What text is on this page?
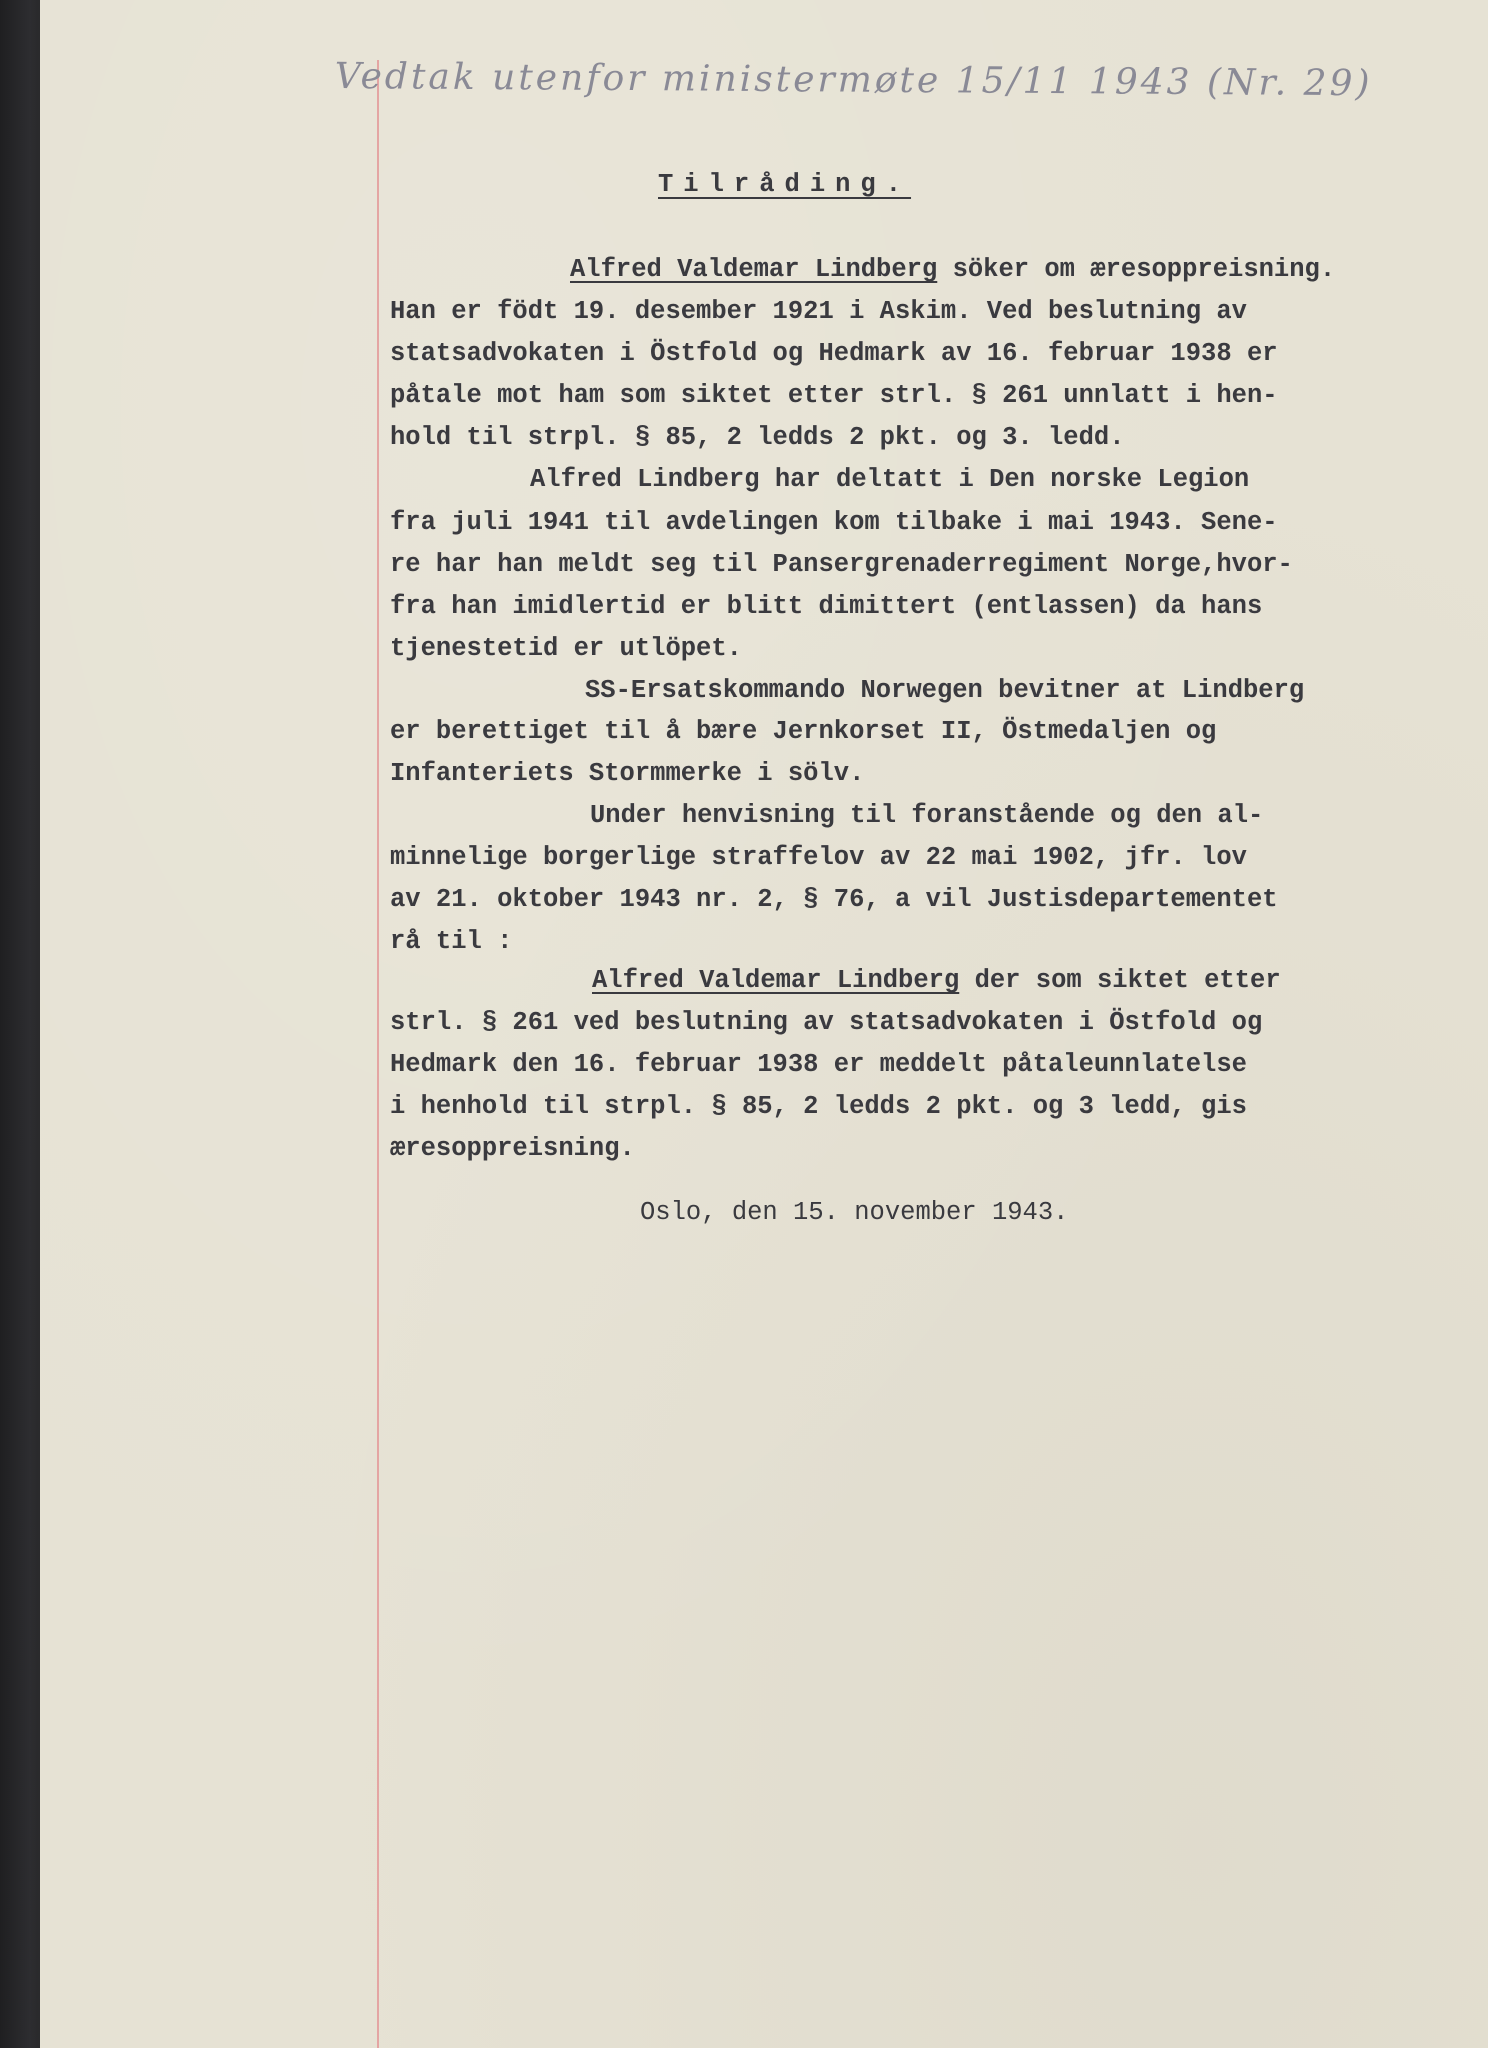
Vedtak utenfor ministermøte 15/11 1943 (Nr. 29)
Tilråding.
Alfred Valdemar Lindberg söker om æresoppreisning.
Han er födt 19. desember 1921 i Askim. Ved beslutning av
statsadvokaten i Östfold og Hedmark av 16. februar 1938 er
påtale mot ham som siktet etter strl. § 261 unnlatt i hen-
hold til strpl. § 85, 2 ledds 2 pkt. og 3. ledd.
Alfred Lindberg har deltatt i Den norske Legion
fra juli 1941 til avdelingen kom tilbake i mai 1943. Sene-
re har han meldt seg til Pansergrenaderregiment Norge,hvor-
fra han imidlertid er blitt dimittert (entlassen) da hans
tjenestetid er utlöpet.
SS-Ersatskommando Norwegen bevitner at Lindberg
er berettiget til å bære Jernkorset II, Östmedaljen og
Infanteriets Stormmerke i sölv.
Under henvisning til foranstående og den al-
minnelige borgerlige straffelov av 22 mai 1902, jfr. lov
av 21. oktober 1943 nr. 2, § 76, a vil Justisdepartementet
rå til :
Alfred Valdemar Lindberg der som siktet etter
strl. § 261 ved beslutning av statsadvokaten i Östfold og
Hedmark den 16. februar 1938 er meddelt påtaleunnlatelse
i henhold til strpl. § 85, 2 ledds 2 pkt. og 3 ledd, gis
æresoppreisning.
Oslo, den 15. november 1943.
